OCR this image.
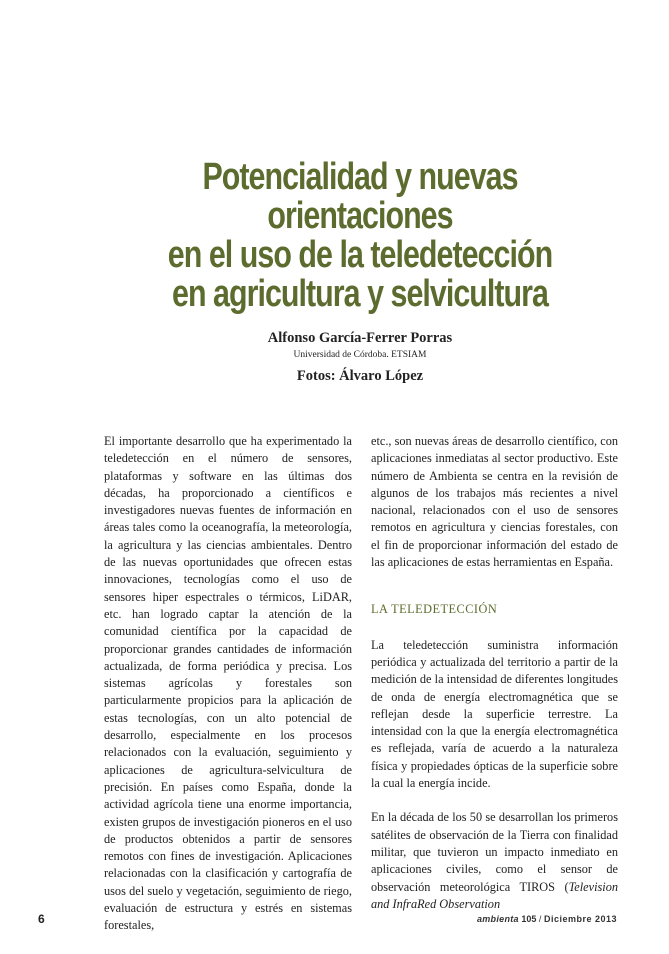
Potencialidad y nuevas orientaciones
en el uso de la teledetección
en agricultura y selvicultura
Alfonso García-Ferrer Porras
Universidad de Córdoba. ETSIAM
Fotos: Álvaro López

El importante desarrollo que ha experimentado la teledetección en el número de sensores, plataformas y software en las últimas dos décadas, ha proporcionado a científicos e investigadores nuevas fuentes de información en áreas tales como la oceanografía, la meteorología, la agricultura y las ciencias ambientales. Dentro de las nuevas oportunidades que ofrecen estas innovaciones, tecnologías como el uso de sensores hiper espectrales o térmicos, LiDAR, etc. han logrado captar la atención de la comunidad científica por la capacidad de proporcionar grandes cantidades de información actualizada, de forma periódica y precisa. Los sistemas agrícolas y forestales son particularmente propicios para la aplicación de estas tecnologías, con un alto potencial de desarrollo, especialmente en los procesos relacionados con la evaluación, seguimiento y aplicaciones de agricultura-selvicultura de precisión. En países como España, donde la actividad agrícola tiene una enorme importancia, existen grupos de investigación pioneros en el uso de productos obtenidos a partir de sensores remotos con fines de investigación. Aplicaciones relacionadas con la clasificación y cartografía de usos del suelo y vegetación, seguimiento de riego, evaluación de estructura y estrés en sistemas forestales,

etc., son nuevas áreas de desarrollo científico, con aplicaciones inmediatas al sector productivo. Este número de Ambienta se centra en la revisión de algunos de los trabajos más recientes a nivel nacional, relacionados con el uso de sensores remotos en agricultura y ciencias forestales, con el fin de proporcionar información del estado de las aplicaciones de estas herramientas en España.

LA TELEDETECCIÓN

La teledetección suministra información periódica y actualizada del territorio a partir de la medición de la intensidad de diferentes longitudes de onda de energía electromagnética que se reflejan desde la superficie terrestre. La intensidad con la que la energía electromagnética es reflejada, varía de acuerdo a la naturaleza física y propiedades ópticas de la superficie sobre la cual la energía incide.

En la década de los 50 se desarrollan los primeros satélites de observación de la Tierra con finalidad militar, que tuvieron un impacto inmediato en aplicaciones civiles, como el sensor de observación meteorológica TIROS (Television and InfraRed Observation

6	ambienta 105 / Diciembre 2013
